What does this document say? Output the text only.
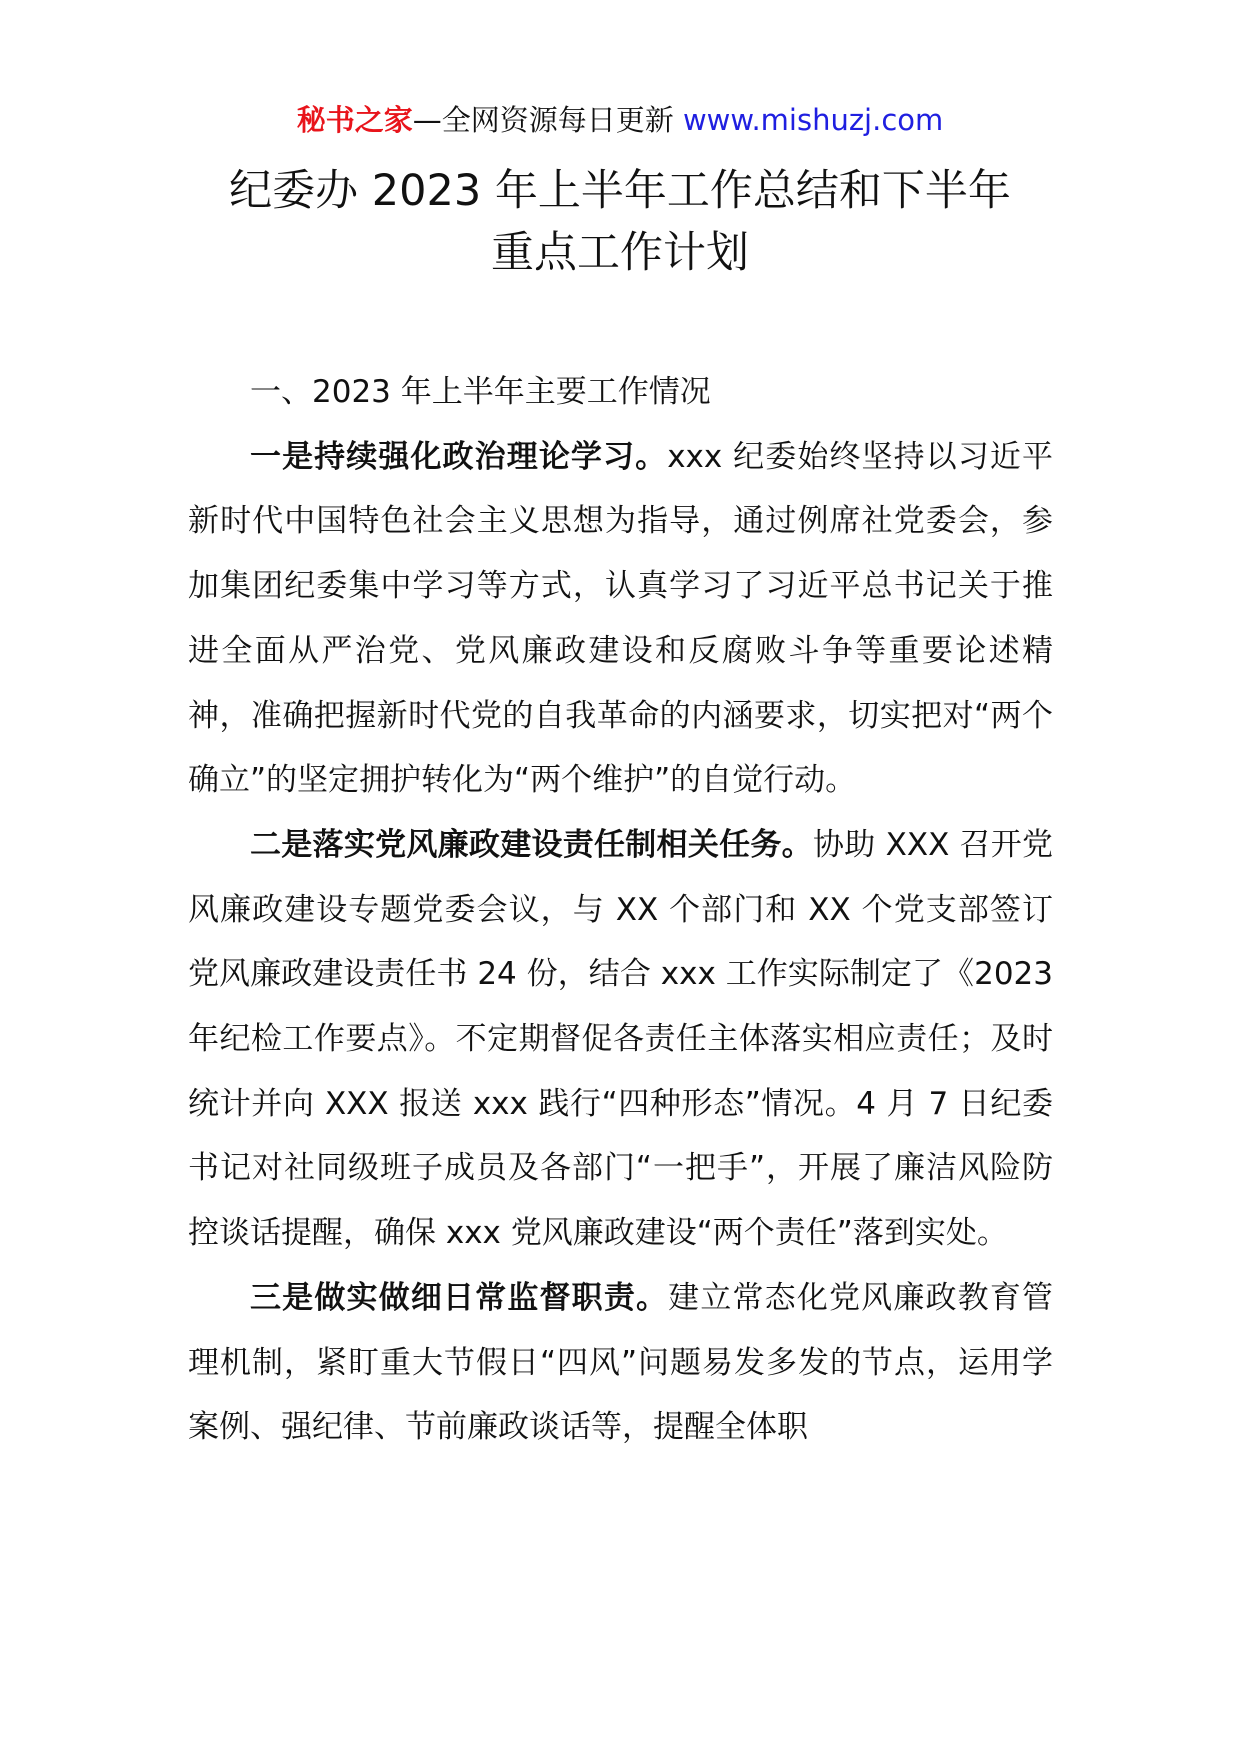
秘书之家—全网资源每日更新 www.mishuzj.com
纪委办 2023 年上半年工作总结和下半年
重点工作计划

一、2023 年上半年主要工作情况

一是持续强化政治理论学习。xxx 纪委始终坚持以习近平新时代中国特色社会主义思想为指导，通过例席社党委会，参加集团纪委集中学习等方式，认真学习了习近平总书记关于推进全面从严治党、党风廉政建设和反腐败斗争等重要论述精神，准确把握新时代党的自我革命的内涵要求，切实把对“两个确立”的坚定拥护转化为“两个维护”的自觉行动。

二是落实党风廉政建设责任制相关任务。协助 XXX 召开党风廉政建设专题党委会议，与 XX 个部门和 XX 个党支部签订党风廉政建设责任书 24 份，结合 xxx 工作实际制定了《2023 年纪检工作要点》。不定期督促各责任主体落实相应责任；及时统计并向 XXX 报送 xxx 践行“四种形态”情况。4 月 7 日纪委书记对社同级班子成员及各部门“一把手”，开展了廉洁风险防控谈话提醒，确保 xxx 党风廉政建设“两个责任”落到实处。

三是做实做细日常监督职责。建立常态化党风廉政教育管理机制，紧盯重大节假日“四风”问题易发多发的节点，运用学案例、强纪律、节前廉政谈话等，提醒全体职
